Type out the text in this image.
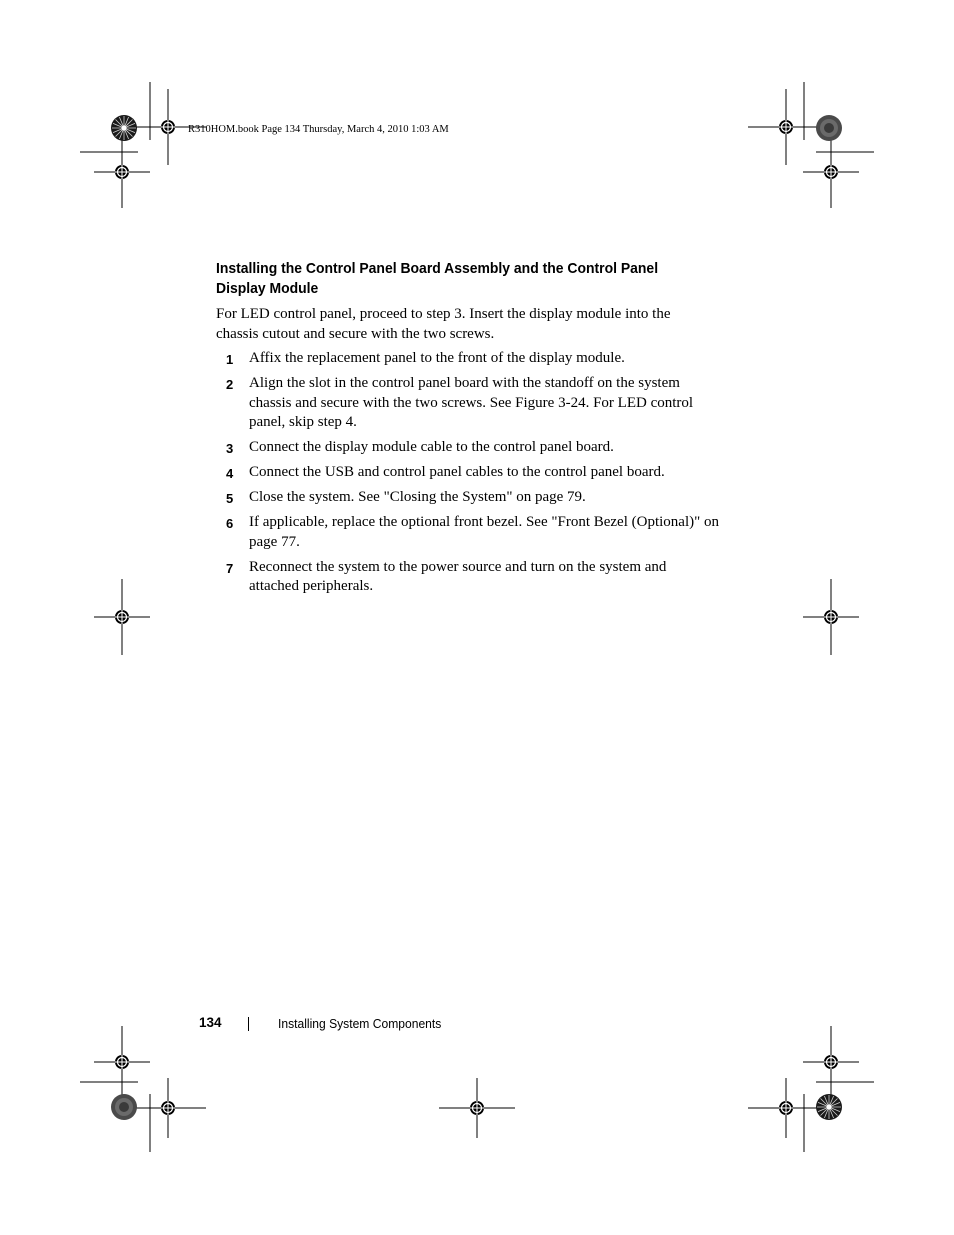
R310HOM.book Page 134 Thursday, March 4, 2010 1:03 AM
Installing the Control Panel Board Assembly and the Control Panel Display Module
For LED control panel, proceed to step 3. Insert the display module into the chassis cutout and secure with the two screws.
1 Affix the replacement panel to the front of the display module.
2 Align the slot in the control panel board with the standoff on the system chassis and secure with the two screws. See Figure 3-24. For LED control panel, skip step 4.
3 Connect the display module cable to the control panel board.
4 Connect the USB and control panel cables to the control panel board.
5 Close the system. See "Closing the System" on page 79.
6 If applicable, replace the optional front bezel. See "Front Bezel (Optional)" on page 77.
7 Reconnect the system to the power source and turn on the system and attached peripherals.
134	Installing System Components
